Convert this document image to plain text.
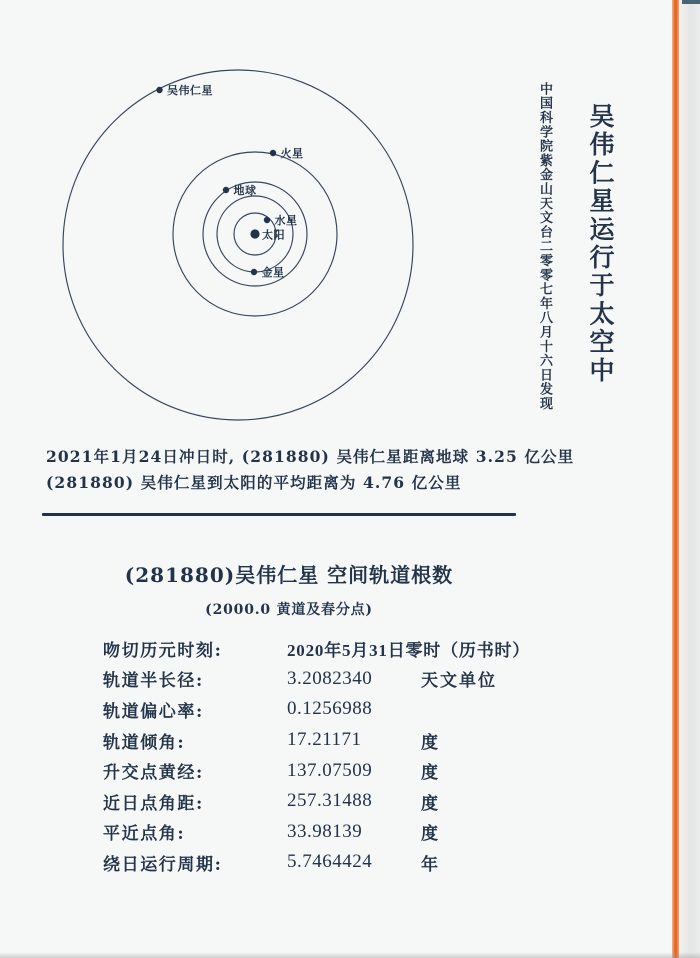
水星
金星
地球
火星
吴伟仁星
太阳	吴伟仁星运行于太空中
中国科学院紫金山天文台二零零七年八月十六日发现
2021年1月24日冲日时, (281880) 吴伟仁星距离地球 3.25 亿公里
(281880) 吴伟仁星到太阳的平均距离为 4.76 亿公里
(281880)吴伟仁星 空间轨道根数
(2000.0 黄道及春分点)
吻切历元时刻:	2020年5月31日零时（历书时）
轨道半长径:	3.2082340	天文单位
轨道偏心率:	0.1256988
轨道倾角:	17.21171	度
升交点黄经:	137.07509	度
近日点角距:	257.31488	度
平近点角:	33.98139	度
绕日运行周期:	5.7464424	年
